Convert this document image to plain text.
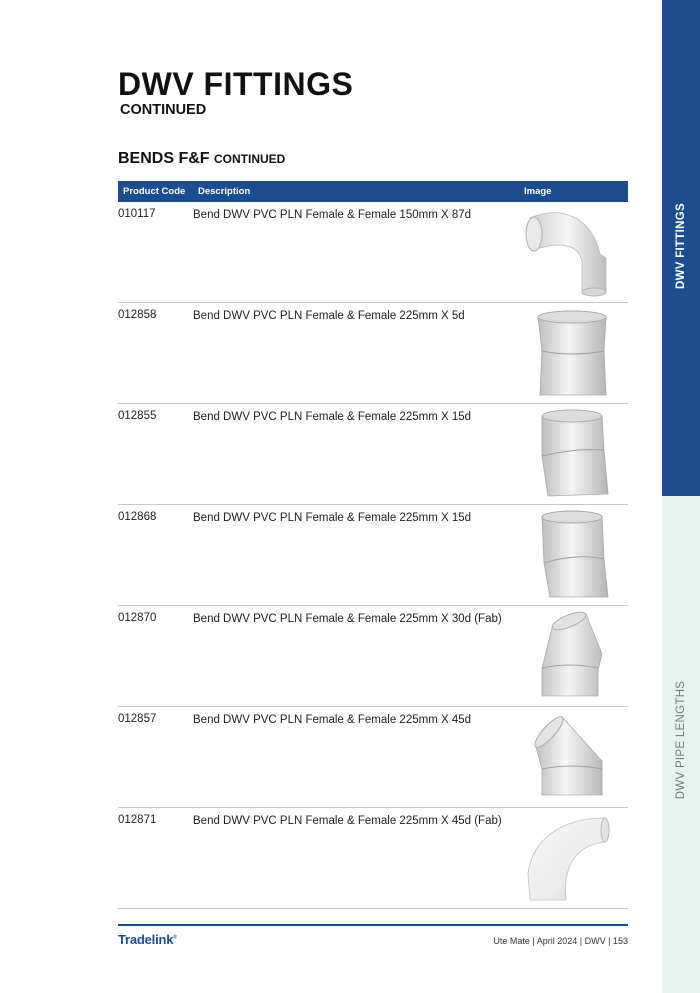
DWV FITTINGS
DWV PIPE LENGTHS
DWV FITTINGS
CONTINUED
BENDS F&F CONTINUED
Product Code Description	Image
010117	Bend DWV PVC PLN Female & Female 150mm X 87d
012858	Bend DWV PVC PLN Female & Female 225mm X 5d
012855	Bend DWV PVC PLN Female & Female 225mm X 15d
012868	Bend DWV PVC PLN Female & Female 225mm X 15d
012870	Bend DWV PVC PLN Female & Female 225mm X 30d (Fab)
012857	Bend DWV PVC PLN Female & Female 225mm X 45d
012871	Bend DWV PVC PLN Female & Female 225mm X 45d (Fab)
Tradelink®	Ute Mate | April 2024 | DWV | 153
